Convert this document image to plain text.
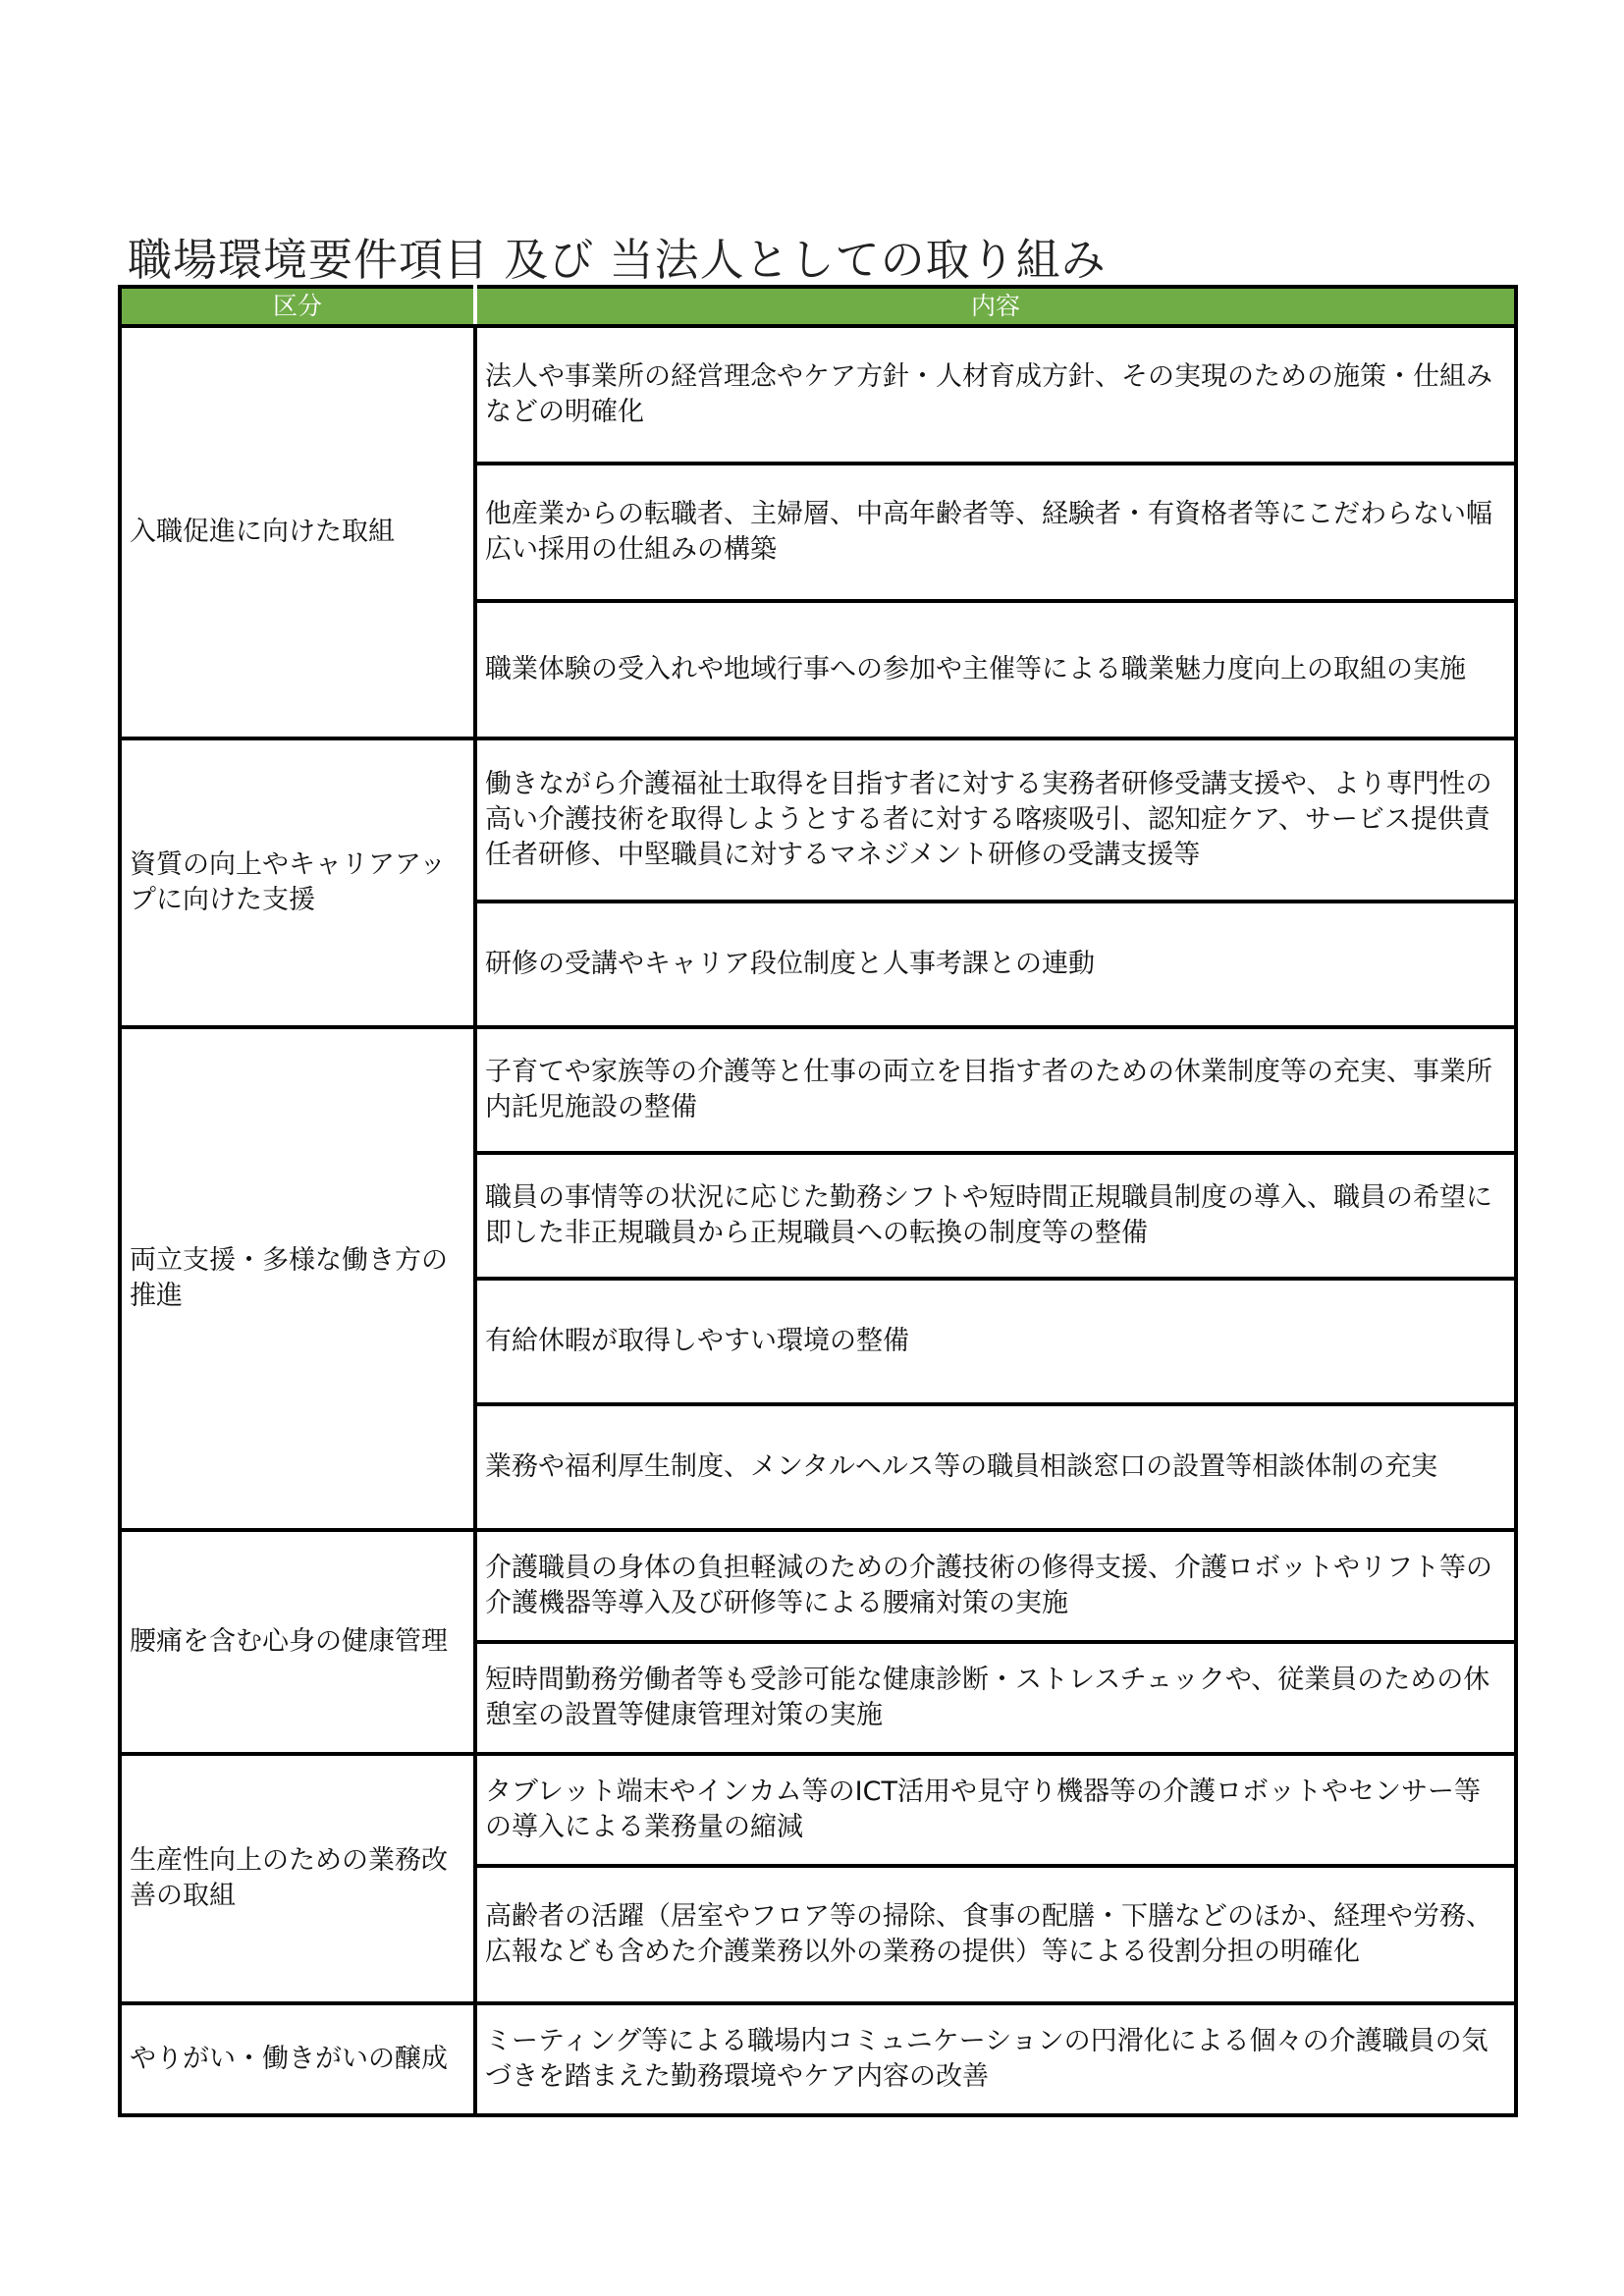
職場環境要件項目 及び 当法人としての取り組み
区分	内容
入職促進に向けた取組	法人や事業所の経営理念やケア方針・人材育成方針、その実現のための施策・仕組みなどの明確化
	他産業からの転職者、主婦層、中高年齢者等、経験者・有資格者等にこだわらない幅広い採用の仕組みの構築
	職業体験の受入れや地域行事への参加や主催等による職業魅力度向上の取組の実施
資質の向上やキャリアアップに向けた支援	働きながら介護福祉士取得を目指す者に対する実務者研修受講支援や、より専門性の高い介護技術を取得しようとする者に対する喀痰吸引、認知症ケア、サービス提供責任者研修、中堅職員に対するマネジメント研修の受講支援等
	研修の受講やキャリア段位制度と人事考課との連動
両立支援・多様な働き方の推進	子育てや家族等の介護等と仕事の両立を目指す者のための休業制度等の充実、事業所内託児施設の整備
	職員の事情等の状況に応じた勤務シフトや短時間正規職員制度の導入、職員の希望に即した非正規職員から正規職員への転換の制度等の整備
	有給休暇が取得しやすい環境の整備
	業務や福利厚生制度、メンタルヘルス等の職員相談窓口の設置等相談体制の充実
腰痛を含む心身の健康管理	介護職員の身体の負担軽減のための介護技術の修得支援、介護ロボットやリフト等の介護機器等導入及び研修等による腰痛対策の実施
	短時間勤務労働者等も受診可能な健康診断・ストレスチェックや、従業員のための休憩室の設置等健康管理対策の実施
生産性向上のための業務改善の取組	タブレット端末やインカム等のICT活用や見守り機器等の介護ロボットやセンサー等の導入による業務量の縮減
	高齢者の活躍（居室やフロア等の掃除、食事の配膳・下膳などのほか、経理や労務、広報なども含めた介護業務以外の業務の提供）等による役割分担の明確化
やりがい・働きがいの醸成	ミーティング等による職場内コミュニケーションの円滑化による個々の介護職員の気づきを踏まえた勤務環境やケア内容の改善
